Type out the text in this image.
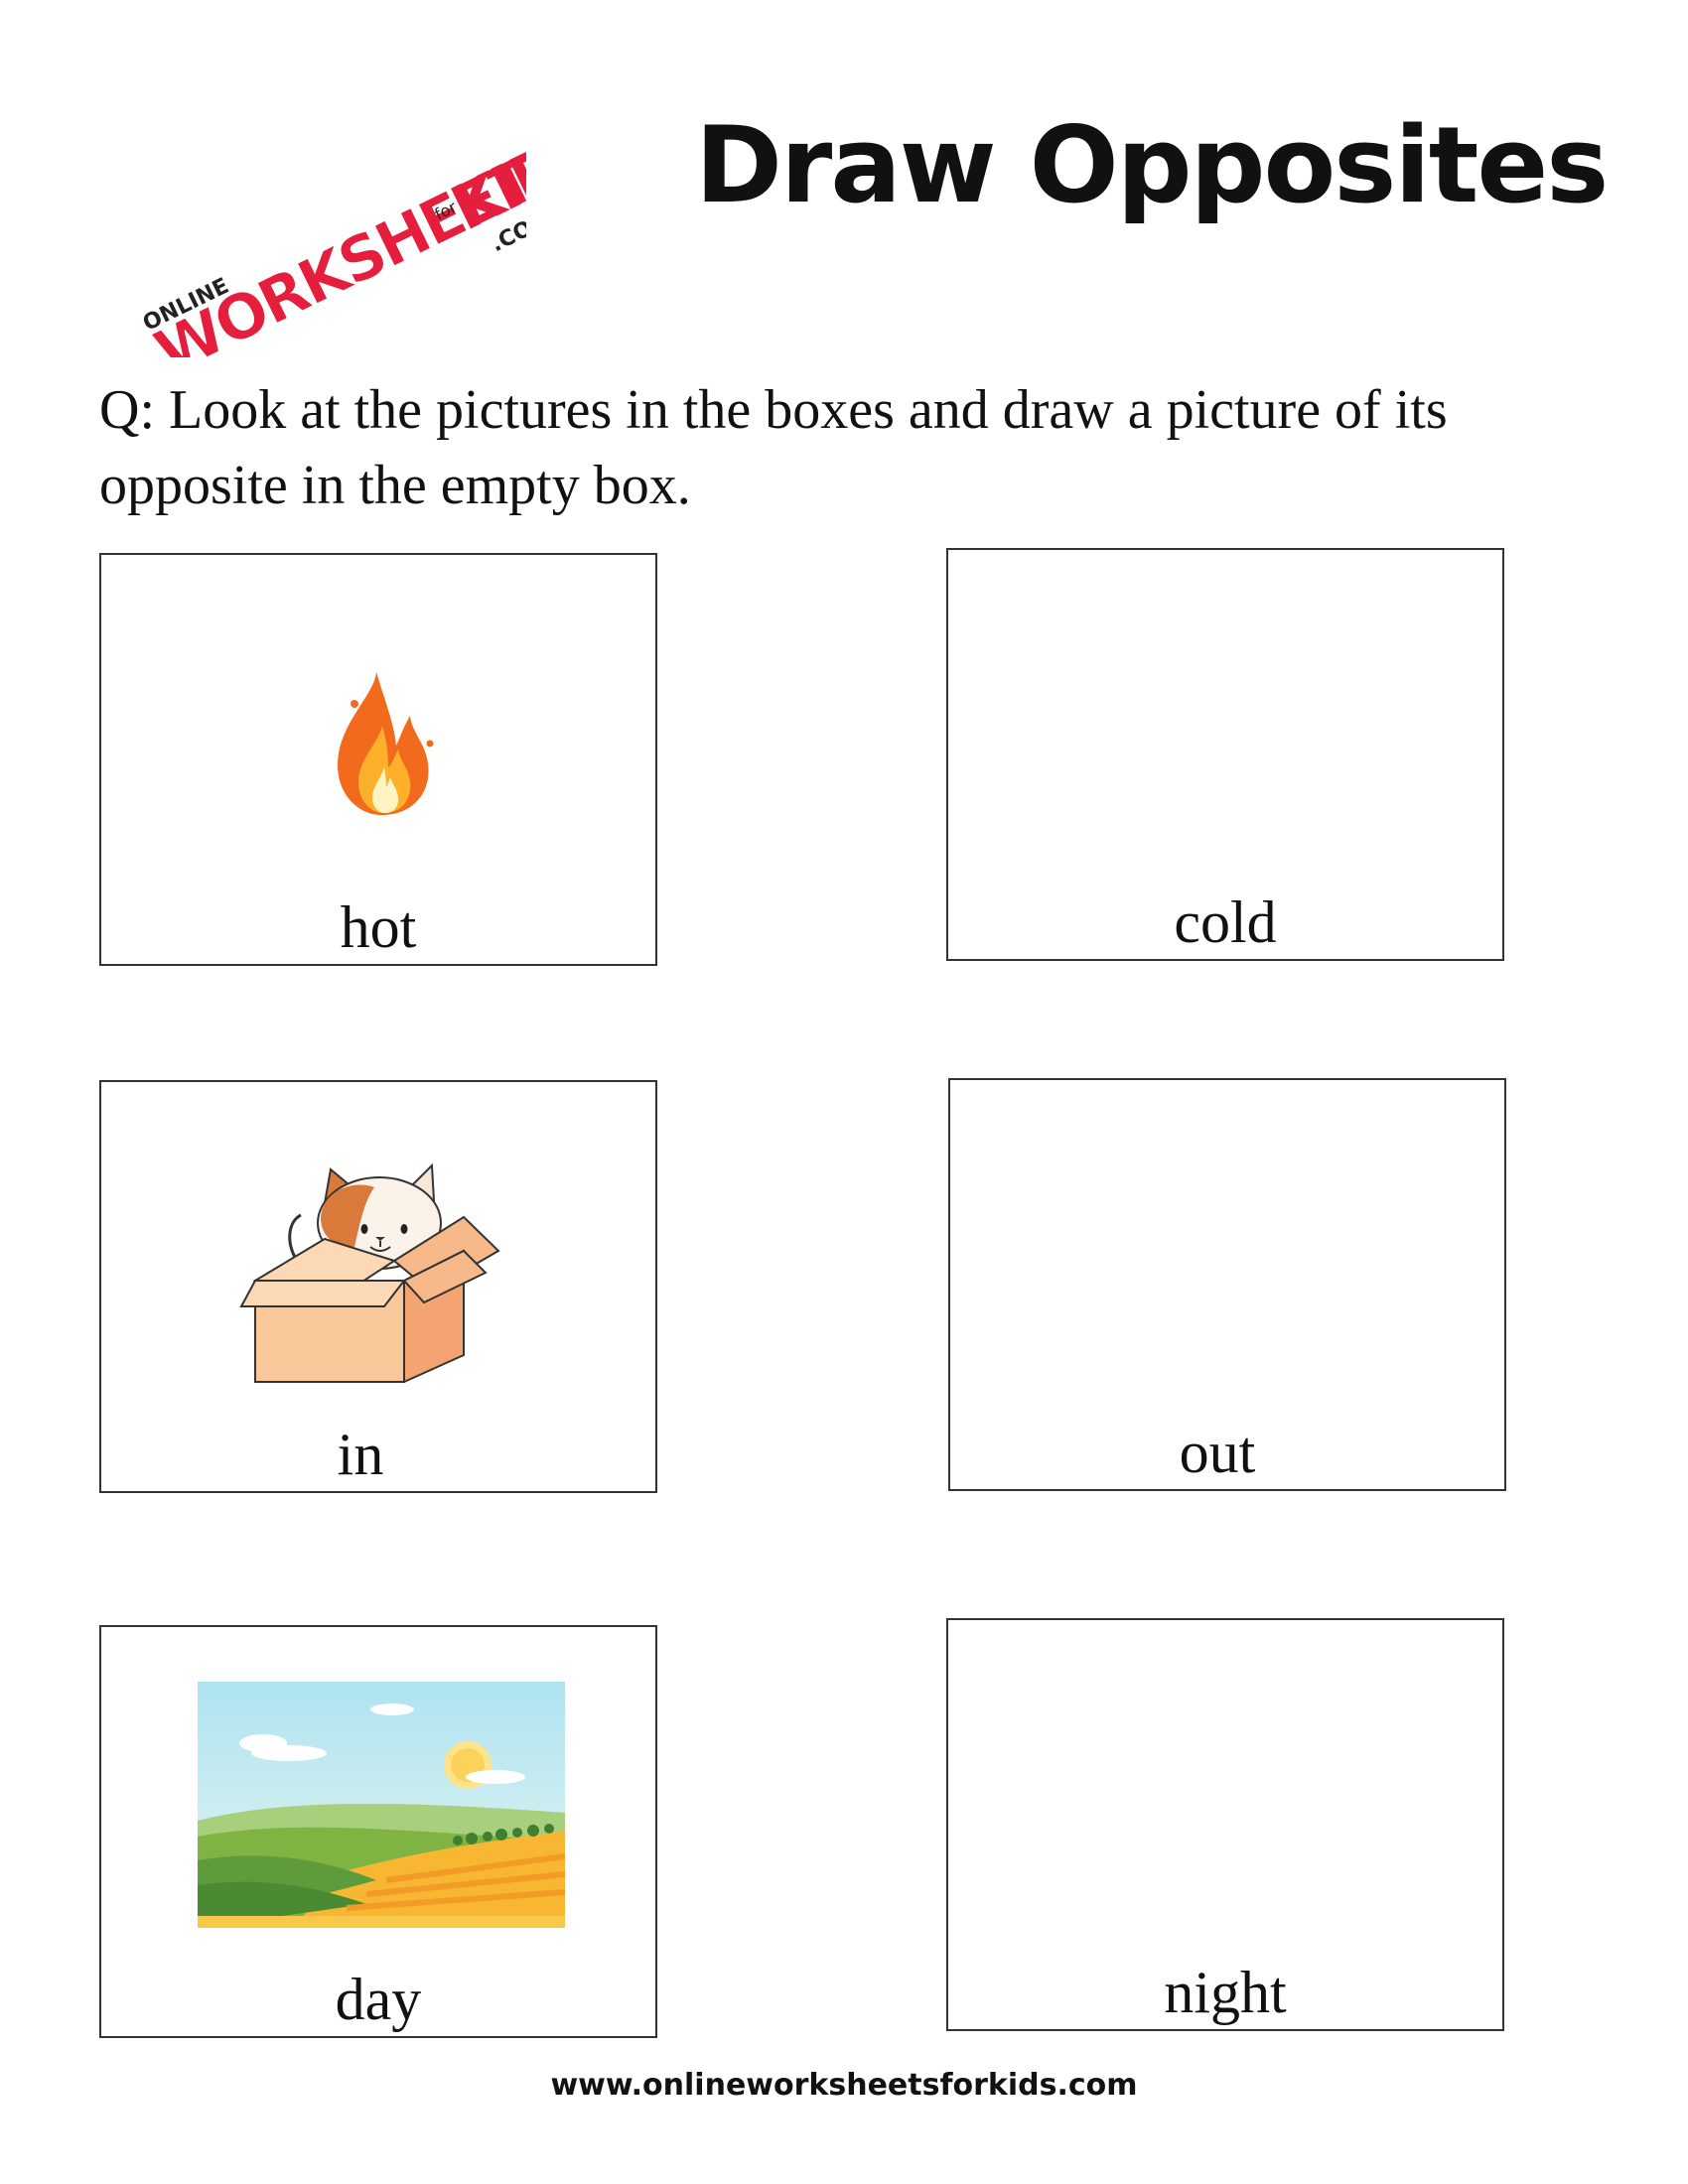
ONLINE
WORKSHEETS
for
KIDS
.COM
Draw Opposites
Q: Look at the pictures in the boxes and draw a picture of its opposite in the empty box.
hot	cold
in	out
day	night
www.onlineworksheetsforkids.com
